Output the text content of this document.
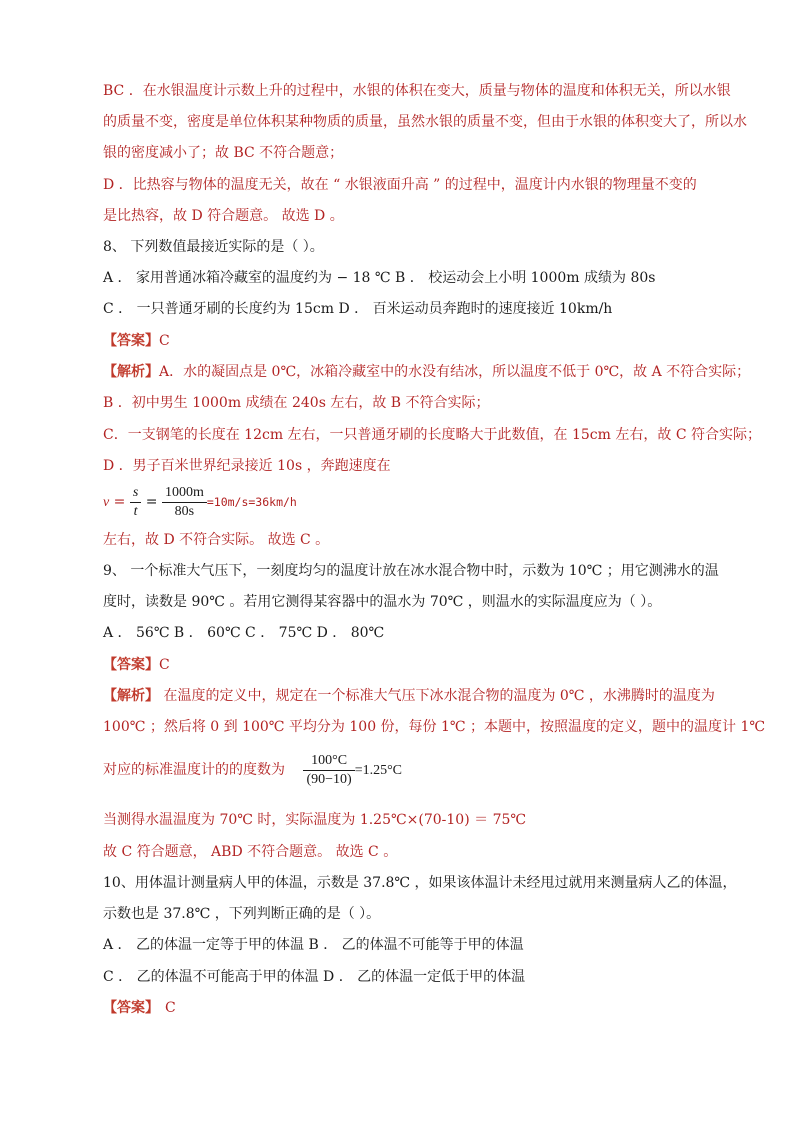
BC ．在水银温度计示数上升的过程中，水银的体积在变大，质量与物体的温度和体积无关，所以水银
的质量不变，密度是单位体积某种物质的质量，虽然水银的质量不变，但由于水银的体积变大了，所以水
银的密度减小了；故 BC 不符合题意；
D ．比热容与物体的温度无关，故在 “ 水银液面升高 ” 的过程中，温度计内水银的物理量不变的
是比热容，故 D 符合题意。 故选 D 。
8、 下列数值最接近实际的是（ ）。
A ． 家用普通冰箱冷藏室的温度约为 − 18 ℃ B ． 校运动会上小明 1000m 成绩为 80s
C ． 一只普通牙刷的长度约为 15cm D ． 百米运动员奔跑时的速度接近 10km/h
【答案】C
【解析】A．水的凝固点是 0℃，冰箱冷藏室中的水没有结冰，所以温度不低于 0℃，故 A 不符合实际；
B ．初中男生 1000m 成绩在 240s 左右，故 B 不符合实际；
C．一支钢笔的长度在 12cm 左右，一只普通牙刷的长度略大于此数值，在 15cm 左右，故 C 符合实际；
D ．男子百米世界纪录接近 10s ，奔跑速度在
$v = \frac{s}{t} = \frac{1000m}{80s} =10m/s=36km/h$
左右，故 D 不符合实际。 故选 C 。
9、 一个标准大气压下，一刻度均匀的温度计放在冰水混合物中时，示数为 10℃ ；用它测沸水的温
度时，读数是 90℃ 。若用它测得某容器中的温水为 70℃ ，则温水的实际温度应为（ ）。
A ． 56℃ B ． 60℃ C ． 75℃ D ． 80℃
【答案】C
【解析】 在温度的定义中，规定在一个标准大气压下冰水混合物的温度为 0℃ ，水沸腾时的温度为
100℃ ；然后将 0 到 100℃ 平均分为 100 份，每份 1℃ ；本题中，按照温度的定义，题中的温度计 1℃
对应的标准温度计的的度数为 $\frac{100^\circ C}{(90-10)} =1.25^\circ C$
当测得水温温度为 70℃ 时，实际温度为 1.25℃×(70-10) ＝ 75℃
故 C 符合题意， ABD 不符合题意。 故选 C 。
10、用体温计测量病人甲的体温，示数是 37.8℃ ，如果该体温计未经甩过就用来测量病人乙的体温，
示数也是 37.8℃ ，下列判断正确的是（ ）。
A ． 乙的体温一定等于甲的体温 B ． 乙的体温不可能等于甲的体温
C ． 乙的体温不可能高于甲的体温 D ． 乙的体温一定低于甲的体温
【答案】 C
